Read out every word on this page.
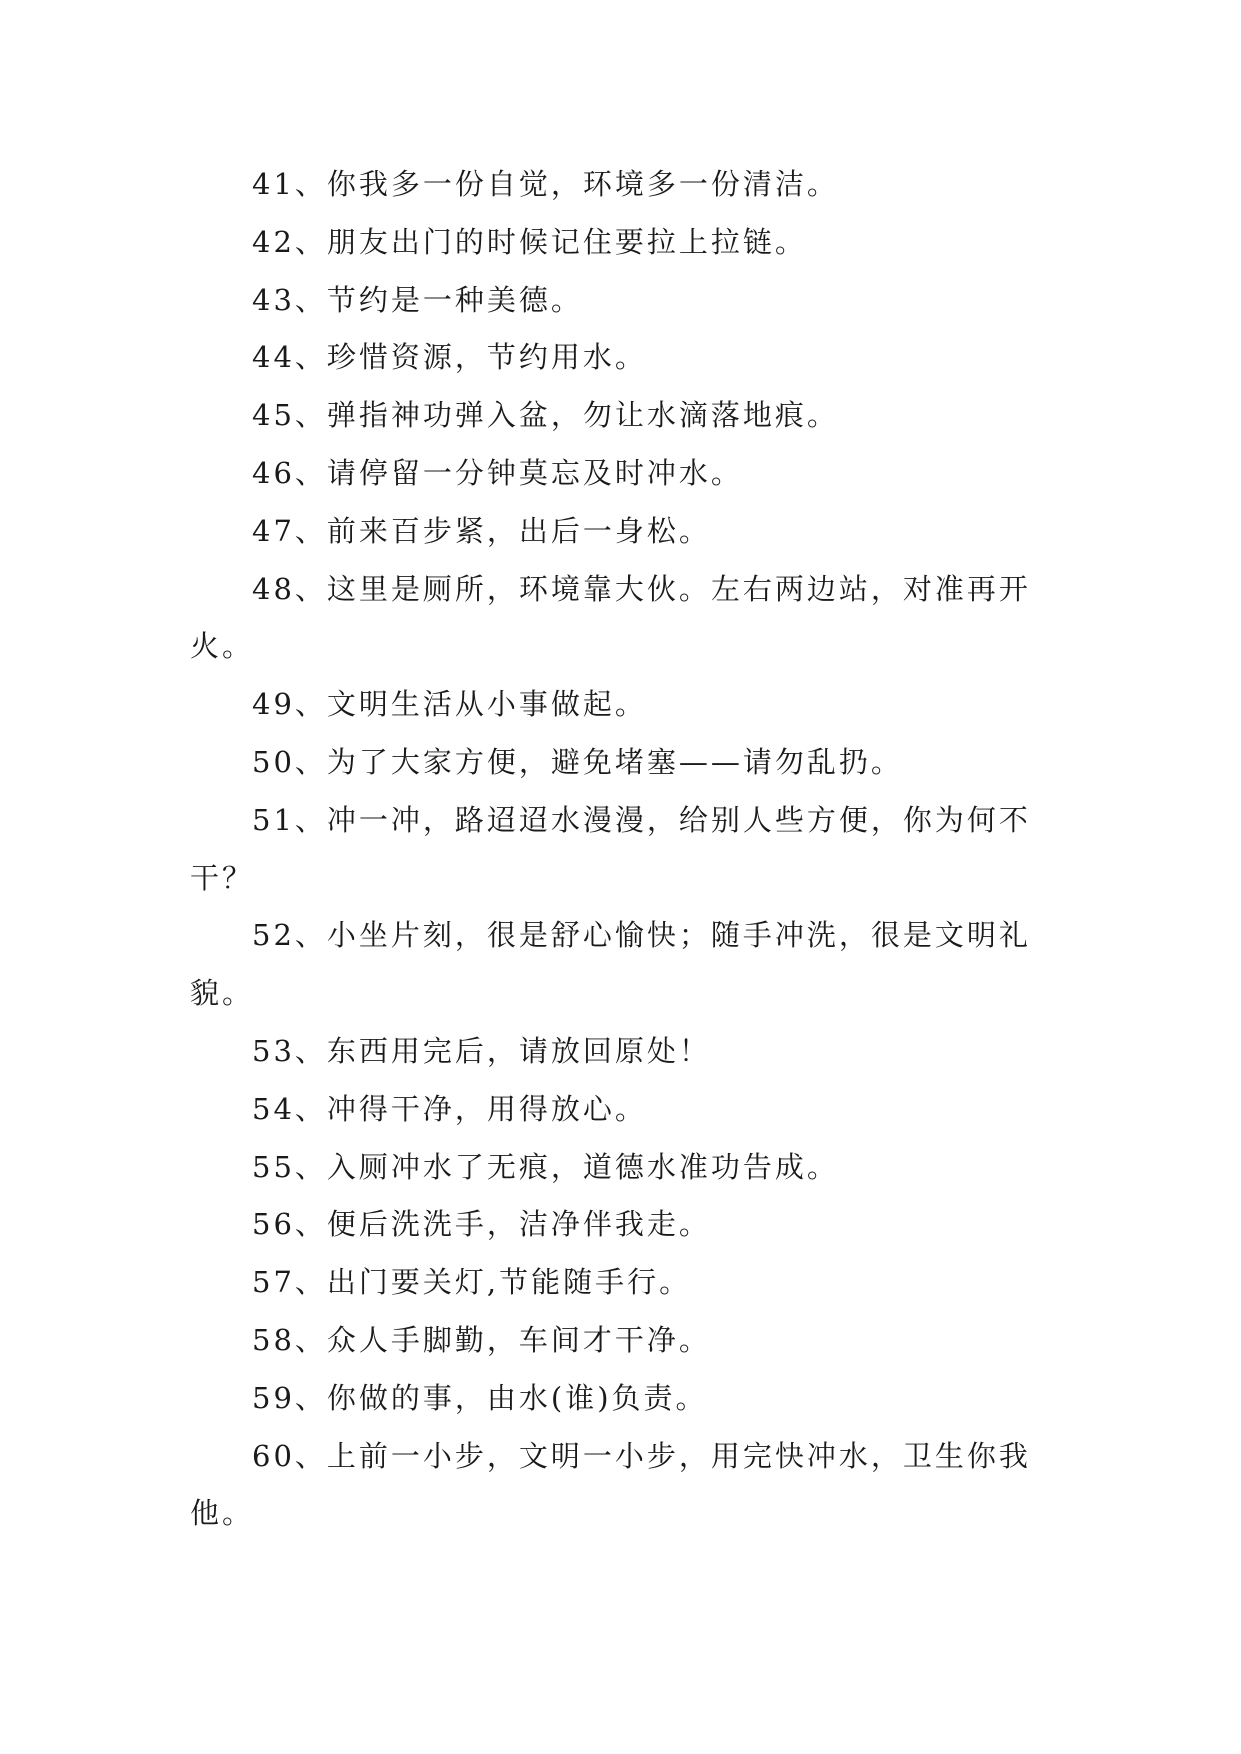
41、你我多一份自觉，环境多一份清洁。

42、朋友出门的时候记住要拉上拉链。

43、节约是一种美德。

44、珍惜资源，节约用水。

45、弹指神功弹入盆，勿让水滴落地痕。

46、请停留一分钟莫忘及时冲水。

47、前来百步紧，出后一身松。

48、这里是厕所，环境靠大伙。左右两边站，对准再开火。

49、文明生活从小事做起。

50、为了大家方便，避免堵塞——请勿乱扔。

51、冲一冲，路迢迢水漫漫，给别人些方便，你为何不干？

52、小坐片刻，很是舒心愉快；随手冲洗，很是文明礼貌。

53、东西用完后，请放回原处！

54、冲得干净，用得放心。

55、入厕冲水了无痕，道德水准功告成。

56、便后洗洗手，洁净伴我走。

57、出门要关灯,节能随手行。

58、众人手脚勤，车间才干净。

59、你做的事，由水(谁)负责。

60、上前一小步，文明一小步，用完快冲水，卫生你我他。
